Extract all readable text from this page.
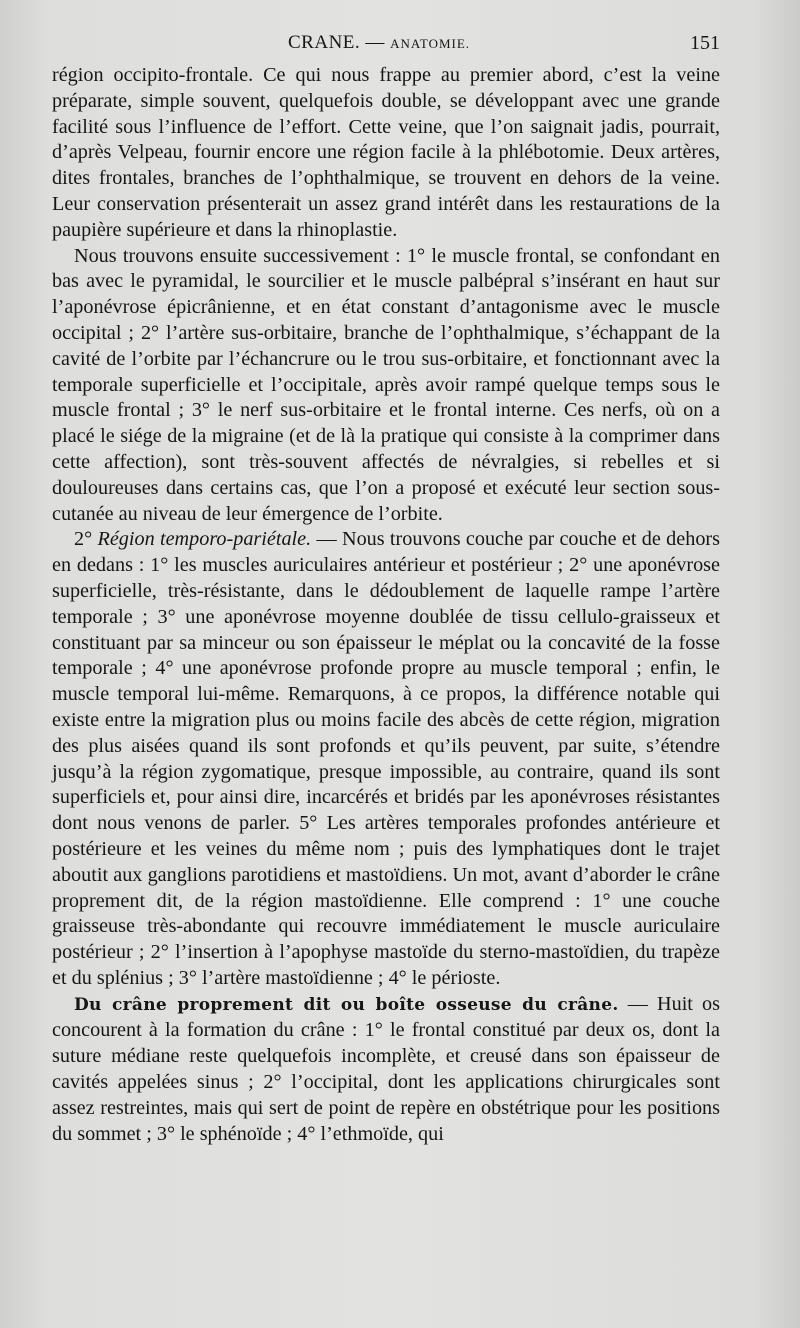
CRANE. — ANATOMIE.	151

région occipito-frontale. Ce qui nous frappe au premier abord, c’est la veine préparate, simple souvent, quelquefois double, se développant avec une grande facilité sous l’influence de l’effort. Cette veine, que l’on saignait jadis, pourrait, d’après Velpeau, fournir encore une région facile à la phlébotomie. Deux artères, dites frontales, branches de l’ophthalmique, se trouvent en dehors de la veine. Leur conservation présenterait un assez grand intérêt dans les restaurations de la paupière supérieure et dans la rhinoplastie.

Nous trouvons ensuite successivement : 1° le muscle frontal, se confondant en bas avec le pyramidal, le sourcilier et le muscle palbépral s’insérant en haut sur l’aponévrose épicrânienne, et en état constant d’antagonisme avec le muscle occipital ; 2° l’artère sus-orbitaire, branche de l’ophthalmique, s’échappant de la cavité de l’orbite par l’échancrure ou le trou sus-orbitaire, et fonctionnant avec la temporale superficielle et l’occipitale, après avoir rampé quelque temps sous le muscle frontal ; 3° le nerf sus-orbitaire et le frontal interne. Ces nerfs, où on a placé le siége de la migraine (et de là la pratique qui consiste à la comprimer dans cette affection), sont très-souvent affectés de névralgies, si rebelles et si douloureuses dans certains cas, que l’on a proposé et exécuté leur section sous-cutanée au niveau de leur émergence de l’orbite.

2° Région temporo-pariétale. — Nous trouvons couche par couche et de dehors en dedans : 1° les muscles auriculaires antérieur et postérieur ; 2° une aponévrose superficielle, très-résistante, dans le dédoublement de laquelle rampe l’artère temporale ; 3° une aponévrose moyenne doublée de tissu cellulo-graisseux et constituant par sa minceur ou son épaisseur le méplat ou la concavité de la fosse temporale ; 4° une aponévrose profonde propre au muscle temporal ; enfin, le muscle temporal lui-même. Remarquons, à ce propos, la différence notable qui existe entre la migration plus ou moins facile des abcès de cette région, migration des plus aisées quand ils sont profonds et qu’ils peuvent, par suite, s’étendre jusqu’à la région zygomatique, presque impossible, au contraire, quand ils sont superficiels et, pour ainsi dire, incarcérés et bridés par les aponévroses résistantes dont nous venons de parler. 5° Les artères temporales profondes antérieure et postérieure et les veines du même nom ; puis des lymphatiques dont le trajet aboutit aux ganglions parotidiens et mastoïdiens. Un mot, avant d’aborder le crâne proprement dit, de la région mastoïdienne. Elle comprend : 1° une couche graisseuse très-abondante qui recouvre immédiatement le muscle auriculaire postérieur ; 2° l’insertion à l’apophyse mastoïde du sterno-mastoïdien, du trapèze et du splénius ; 3° l’artère mastoïdienne ; 4° le périoste.

Du crâne proprement dit ou boîte osseuse du crâne. — Huit os concourent à la formation du crâne : 1° le frontal constitué par deux os, dont la suture médiane reste quelquefois incomplète, et creusé dans son épaisseur de cavités appelées sinus ; 2° l’occipital, dont les applications chirurgicales sont assez restreintes, mais qui sert de point de repère en obstétrique pour les positions du sommet ; 3° le sphénoïde ; 4° l’ethmoïde, qui
